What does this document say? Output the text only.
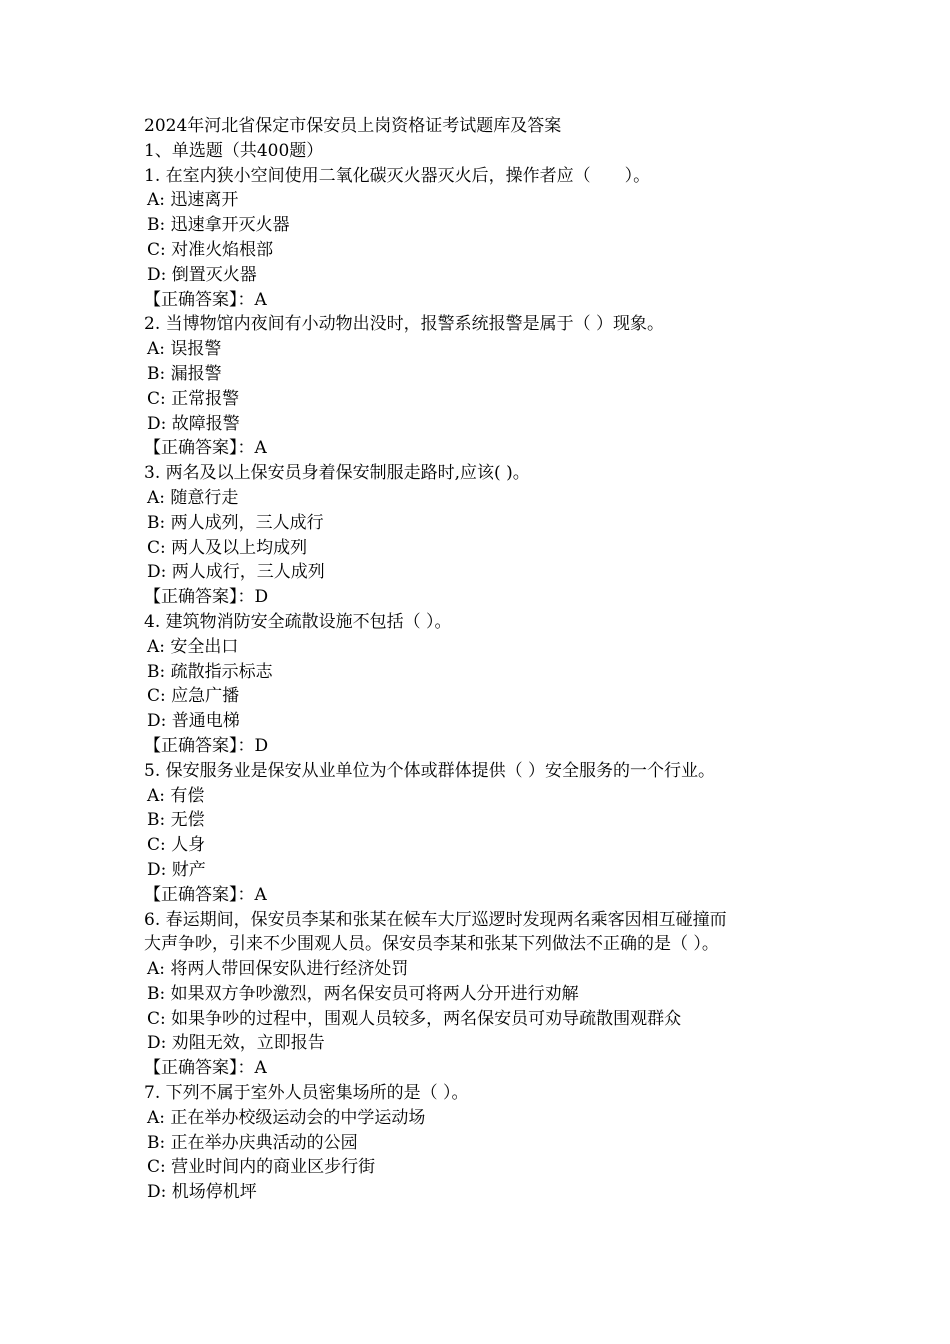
2024年河北省保定市保安员上岗资格证考试题库及答案
1、单选题（共400题）
1. 在室内狭小空间使用二氧化碳灭火器灭火后，操作者应（　　）。
A: 迅速离开
B: 迅速拿开灭火器
C: 对准火焰根部
D: 倒置灭火器
【正确答案】：A
2. 当博物馆内夜间有小动物出没时，报警系统报警是属于（ ）现象。
A: 误报警
B: 漏报警
C: 正常报警
D: 故障报警
【正确答案】：A
3. 两名及以上保安员身着保安制服走路时,应该( )。
A: 随意行走
B: 两人成列，三人成行
C: 两人及以上均成列
D: 两人成行，三人成列
【正确答案】：D
4. 建筑物消防安全疏散设施不包括（ ）。
A: 安全出口
B: 疏散指示标志
C: 应急广播
D: 普通电梯
【正确答案】：D
5. 保安服务业是保安从业单位为个体或群体提供（ ）安全服务的一个行业。
A: 有偿
B: 无偿
C: 人身
D: 财产
【正确答案】：A
6. 春运期间，保安员李某和张某在候车大厅巡逻时发现两名乘客因相互碰撞而
大声争吵，引来不少围观人员。保安员李某和张某下列做法不正确的是（ ）。
A: 将两人带回保安队进行经济处罚
B: 如果双方争吵激烈，两名保安员可将两人分开进行劝解
C: 如果争吵的过程中，围观人员较多，两名保安员可劝导疏散围观群众
D: 劝阻无效，立即报告
【正确答案】：A
7. 下列不属于室外人员密集场所的是（ ）。
A: 正在举办校级运动会的中学运动场
B: 正在举办庆典活动的公园
C: 营业时间内的商业区步行街
D: 机场停机坪
